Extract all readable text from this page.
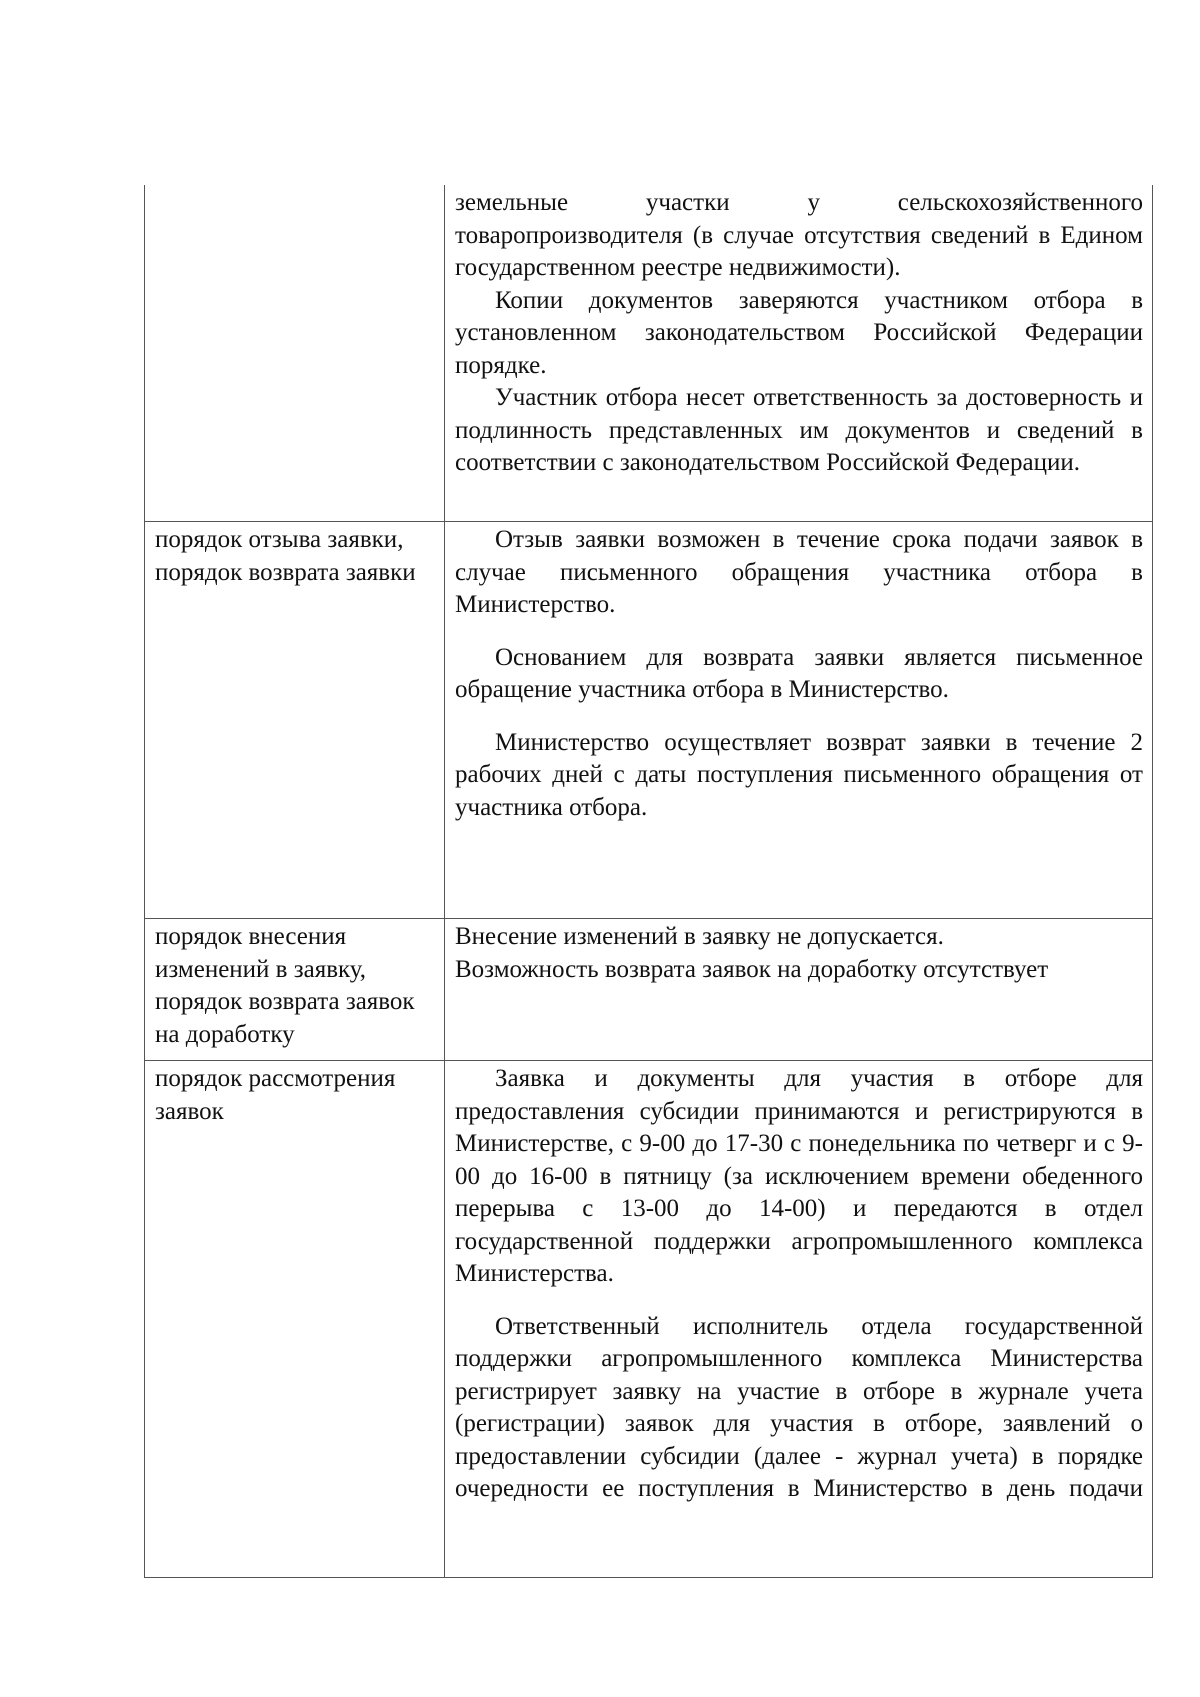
	земельные участки у сельскохозяйственного товаропроизводителя (в случае отсутствия сведений в Едином государственном реестре недвижимости).

Копии документов заверяются участником отбора в установленном законодательством Российской Федерации порядке.

Участник отбора несет ответственность за достоверность и подлинность представленных им документов и сведений в соответствии с законодательством Российской Федерации.

порядок отзыва заявки, порядок возврата заявки	Отзыв заявки возможен в течение срока подачи заявок в случае письменного обращения участника отбора в Министерство.

Основанием для возврата заявки является письменное обращение участника отбора в Министерство.

Министерство осуществляет возврат заявки в течение 2 рабочих дней с даты поступления письменного обращения от участника отбора.

порядок внесения изменений в заявку, порядок возврата заявок на доработку	Внесение изменений в заявку не допускается.

Возможность возврата заявок на доработку отсутствует

порядок рассмотрения заявок	Заявка и документы для участия в отборе для предоставления субсидии принимаются и регистрируются в Министерстве, с 9-00 до 17-30 с понедельника по четверг и с 9-00 до 16-00 в пятницу (за исключением времени обеденного перерыва с 13-00 до 14-00) и передаются в отдел государственной поддержки агропромышленного комплекса Министерства.

Ответственный исполнитель отдела государственной поддержки агропромышленного комплекса Министерства регистрирует заявку на участие в отборе в журнале учета (регистрации) заявок для участия в отборе, заявлений о предоставлении субсидии (далее - журнал учета) в порядке очередности ее поступления в Министерство в день подачи
